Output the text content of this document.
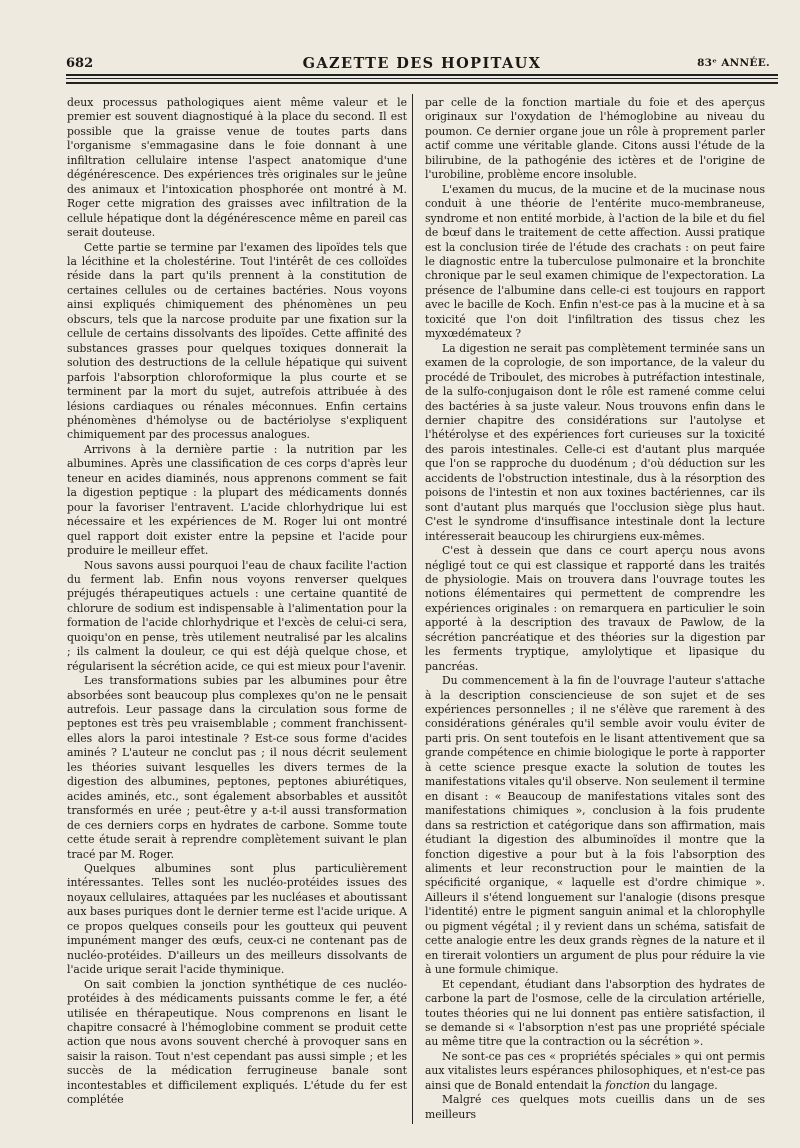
682	GAZETTE DES HOPITAUX	83ᵉ ANNÉE.

deux processus pathologiques aient même valeur et le premier est souvent diagnostiqué à la place du second. Il est possible que la graisse venue de toutes parts dans l'organisme s'emmagasine dans le foie donnant à une infiltration cellulaire intense l'aspect anatomique d'une dégénérescence. Des expériences très originales sur le jeûne des animaux et l'intoxication phosphorée ont montré à M. Roger cette migration des graisses avec infiltration de la cellule hépatique dont la dégénérescence même en pareil cas serait douteuse.

Cette partie se termine par l'examen des lipoïdes tels que la lécithine et la cholestérine. Tout l'intérêt de ces colloïdes réside dans la part qu'ils prennent à la constitution de certaines cellules ou de certaines bactéries. Nous voyons ainsi expliqués chimiquement des phénomènes un peu obscurs, tels que la narcose produite par une fixation sur la cellule de certains dissolvants des lipoïdes. Cette affinité des substances grasses pour quelques toxiques donnerait la solution des destructions de la cellule hépatique qui suivent parfois l'absorption chloroformique la plus courte et se terminent par la mort du sujet, autrefois attribuée à des lésions cardiaques ou rénales méconnues. Enfin certains phénomènes d'hémolyse ou de bactériolyse s'expliquent chimiquement par des processus analogues.

Arrivons à la dernière partie : la nutrition par les albumines. Après une classification de ces corps d'après leur teneur en acides diaminés, nous apprenons comment se fait la digestion peptique : la plupart des médicaments donnés pour la favoriser l'entravent. L'acide chlorhydrique lui est nécessaire et les expériences de M. Roger lui ont montré quel rapport doit exister entre la pepsine et l'acide pour produire le meilleur effet.

Nous savons aussi pourquoi l'eau de chaux facilite l'action du ferment lab. Enfin nous voyons renverser quelques préjugés thérapeutiques actuels : une certaine quantité de chlorure de sodium est indispensable à l'alimentation pour la formation de l'acide chlorhydrique et l'excès de celui-ci sera, quoiqu'on en pense, très utilement neutralisé par les alcalins ; ils calment la douleur, ce qui est déjà quelque chose, et régularisent la sécrétion acide, ce qui est mieux pour l'avenir.

Les transformations subies par les albumines pour être absorbées sont beaucoup plus complexes qu'on ne le pensait autrefois. Leur passage dans la circulation sous forme de peptones est très peu vraisemblable ; comment franchissent-elles alors la paroi intestinale ? Est-ce sous forme d'acides aminés ? L'auteur ne conclut pas ; il nous décrit seulement les théories suivant lesquelles les divers termes de la digestion des albumines, peptones, peptones abiurétiques, acides aminés, etc., sont également absorbables et aussitôt transformés en urée ; peut-être y a-t-il aussi transformation de ces derniers corps en hydrates de carbone. Somme toute cette étude serait à reprendre complètement suivant le plan tracé par M. Roger.

Quelques albumines sont plus particulièrement intéressantes. Telles sont les nucléo-protéides issues des noyaux cellulaires, attaquées par les nucléases et aboutissant aux bases puriques dont le dernier terme est l'acide urique. A ce propos quelques conseils pour les goutteux qui peuvent impunément manger des œufs, ceux-ci ne contenant pas de nucléo-protéides. D'ailleurs un des meilleurs dissolvants de l'acide urique serait l'acide thyminique.

On sait combien la jonction synthétique de ces nucléo-protéides à des médicaments puissants comme le fer, a été utilisée en thérapeutique. Nous comprenons en lisant le chapitre consacré à l'hémoglobine comment se produit cette action que nous avons souvent cherché à provoquer sans en saisir la raison. Tout n'est cependant pas aussi simple ; et les succès de la médication ferrugineuse banale sont incontestables et difficilement expliqués. L'étude du fer est complétée

par celle de la fonction martiale du foie et des aperçus originaux sur l'oxydation de l'hémoglobine au niveau du poumon. Ce dernier organe joue un rôle à proprement parler actif comme une véritable glande. Citons aussi l'étude de la bilirubine, de la pathogénie des ictères et de l'origine de l'urobiline, problème encore insoluble.

L'examen du mucus, de la mucine et de la mucinase nous conduit à une théorie de l'entérite muco-membraneuse, syndrome et non entité morbide, à l'action de la bile et du fiel de bœuf dans le traitement de cette affection. Aussi pratique est la conclusion tirée de l'étude des crachats : on peut faire le diagnostic entre la tuberculose pulmonaire et la bronchite chronique par le seul examen chimique de l'expectoration. La présence de l'albumine dans celle-ci est toujours en rapport avec le bacille de Koch. Enfin n'est-ce pas à la mucine et à sa toxicité que l'on doit l'infiltration des tissus chez les myxœdémateux ?

La digestion ne serait pas complètement terminée sans un examen de la coprologie, de son importance, de la valeur du procédé de Triboulet, des microbes à putréfaction intestinale, de la sulfo-conjugaison dont le rôle est ramené comme celui des bactéries à sa juste valeur. Nous trouvons enfin dans le dernier chapitre des considérations sur l'autolyse et l'hétérolyse et des expériences fort curieuses sur la toxicité des parois intestinales. Celle-ci est d'autant plus marquée que l'on se rapproche du duodénum ; d'où déduction sur les accidents de l'obstruction intestinale, dus à la résorption des poisons de l'intestin et non aux toxines bactériennes, car ils sont d'autant plus marqués que l'occlusion siège plus haut. C'est le syndrome d'insuffisance intestinale dont la lecture intéresserait beaucoup les chirurgiens eux-mêmes.

C'est à dessein que dans ce court aperçu nous avons négligé tout ce qui est classique et rapporté dans les traités de physiologie. Mais on trouvera dans l'ouvrage toutes les notions élémentaires qui permettent de comprendre les expériences originales : on remarquera en particulier le soin apporté à la description des travaux de Pawlow, de la sécrétion pancréatique et des théories sur la digestion par les ferments tryptique, amylolytique et lipasique du pancréas.

Du commencement à la fin de l'ouvrage l'auteur s'attache à la description consciencieuse de son sujet et de ses expériences personnelles ; il ne s'élève que rarement à des considérations générales qu'il semble avoir voulu éviter de parti pris. On sent toutefois en le lisant attentivement que sa grande compétence en chimie biologique le porte à rapporter à cette science presque exacte la solution de toutes les manifestations vitales qu'il observe. Non seulement il termine en disant : « Beaucoup de manifestations vitales sont des manifestations chimiques », conclusion à la fois prudente dans sa restriction et catégorique dans son affirmation, mais étudiant la digestion des albuminoïdes il montre que la fonction digestive a pour but à la fois l'absorption des aliments et leur reconstruction pour le maintien de la spécificité organique, « laquelle est d'ordre chimique ». Ailleurs il s'étend longuement sur l'analogie (disons presque l'identité) entre le pigment sanguin animal et la chlorophylle ou pigment végétal ; il y revient dans un schéma, satisfait de cette analogie entre les deux grands règnes de la nature et il en tirerait volontiers un argument de plus pour réduire la vie à une formule chimique.

Et cependant, étudiant dans l'absorption des hydrates de carbone la part de l'osmose, celle de la circulation artérielle, toutes théories qui ne lui donnent pas entière satisfaction, il se demande si « l'absorption n'est pas une propriété spéciale au même titre que la contraction ou la sécrétion ».

Ne sont-ce pas ces « propriétés spéciales » qui ont permis aux vitalistes leurs espérances philosophiques, et n'est-ce pas ainsi que de Bonald entendait la fonction du langage.

Malgré ces quelques mots cueillis dans un de ses meilleurs
